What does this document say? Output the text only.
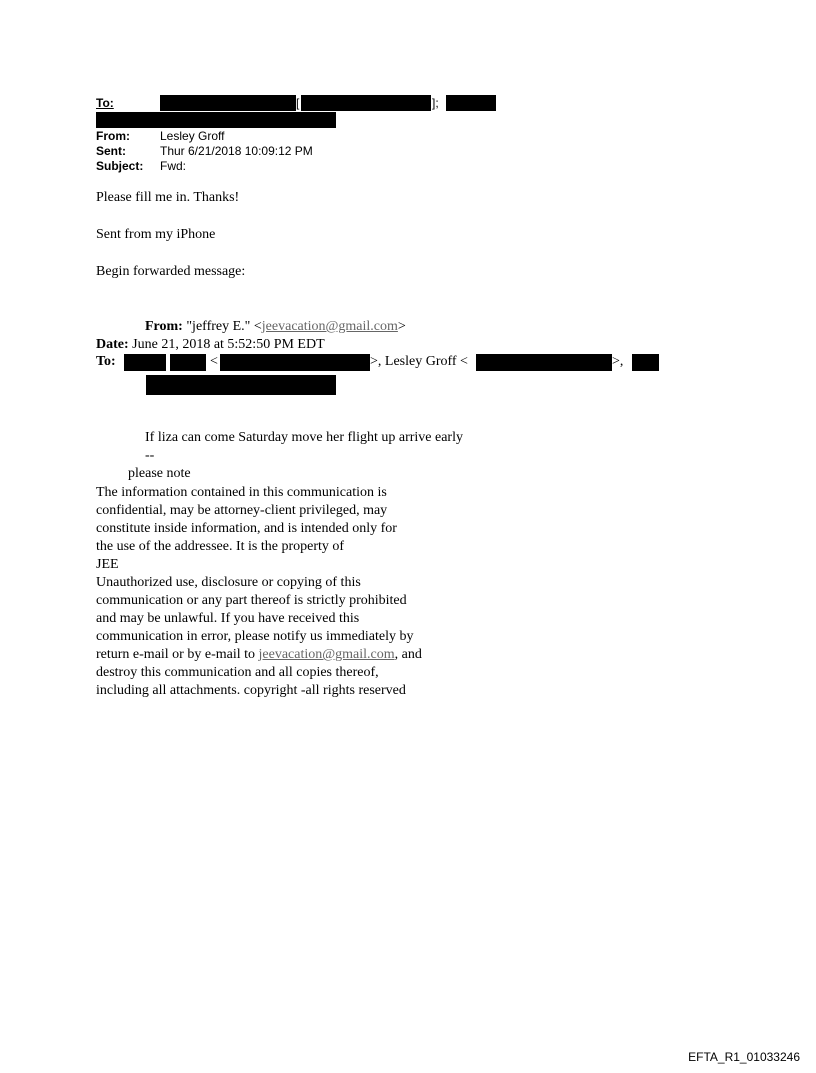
To:	[	];
From:	Lesley Groff
Sent:	Thur 6/21/2018 10:09:12 PM
Subject: Fwd:
Please fill me in. Thanks!
Sent from my iPhone
Begin forwarded message:
From: "jeffrey E." <jeevacation@gmail.com>
Date: June 21, 2018 at 5:52:50 PM EDT
To:	<	>, Lesley Groff <	>,
If liza can come Saturday move her flight up arrive early
--
please note
The information contained in this communication is
confidential, may be attorney-client privileged, may
constitute inside information, and is intended only for
the use of the addressee. It is the property of
JEE
Unauthorized use, disclosure or copying of this
communication or any part thereof is strictly prohibited
and may be unlawful. If you have received this
communication in error, please notify us immediately by
return e-mail or by e-mail to jeevacation@gmail.com, and
destroy this communication and all copies thereof,
including all attachments. copyright -all rights reserved
EFTA_R1_01033246
